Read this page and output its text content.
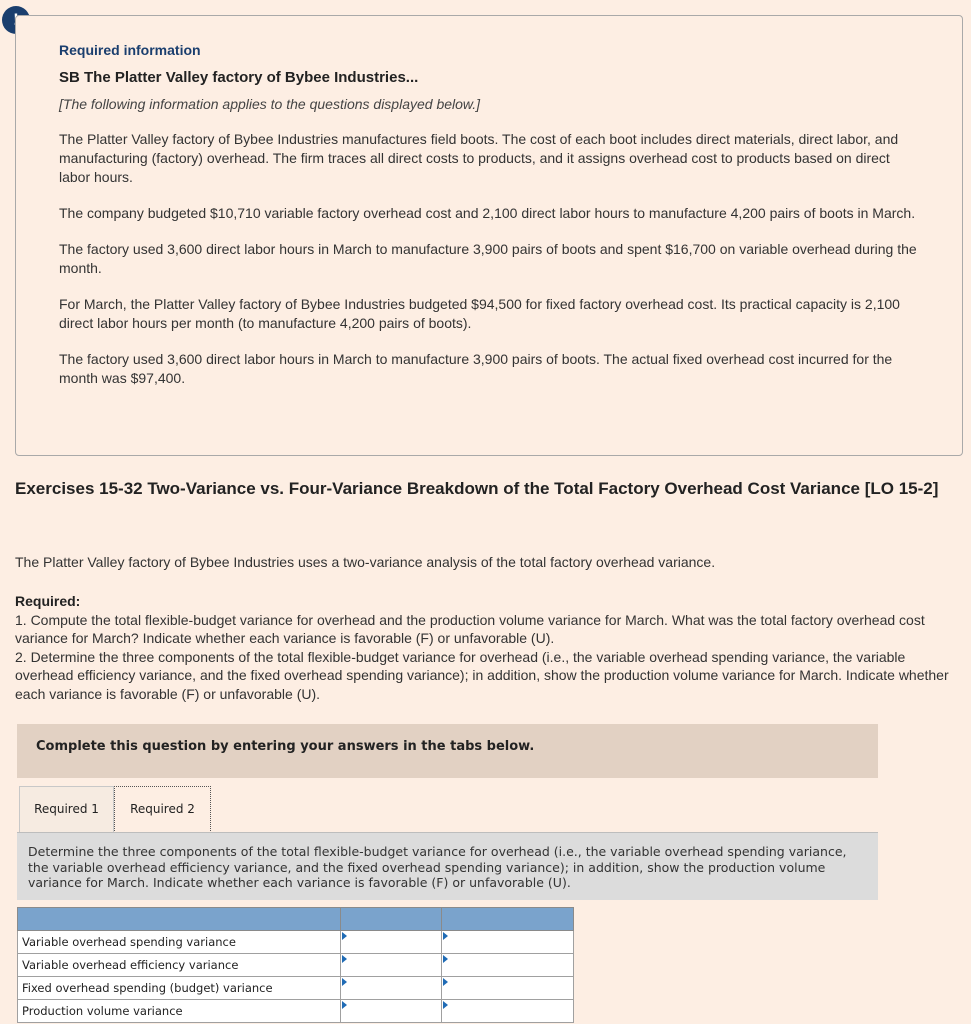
Required information

SB The Platter Valley factory of Bybee Industries...

[The following information applies to the questions displayed below.]

The Platter Valley factory of Bybee Industries manufactures field boots. The cost of each boot includes direct materials, direct labor, and manufacturing (factory) overhead. The firm traces all direct costs to products, and it assigns overhead cost to products based on direct labor hours.

The company budgeted $10,710 variable factory overhead cost and 2,100 direct labor hours to manufacture 4,200 pairs of boots in March.

The factory used 3,600 direct labor hours in March to manufacture 3,900 pairs of boots and spent $16,700 on variable overhead during the month.

For March, the Platter Valley factory of Bybee Industries budgeted $94,500 for fixed factory overhead cost. Its practical capacity is 2,100 direct labor hours per month (to manufacture 4,200 pairs of boots).

The factory used 3,600 direct labor hours in March to manufacture 3,900 pairs of boots. The actual fixed overhead cost incurred for the month was $97,400.

Exercises 15-32 Two-Variance vs. Four-Variance Breakdown of the Total Factory Overhead Cost Variance [LO 15-2]

The Platter Valley factory of Bybee Industries uses a two-variance analysis of the total factory overhead variance.

Required:
1. Compute the total flexible-budget variance for overhead and the production volume variance for March. What was the total factory overhead cost variance for March? Indicate whether each variance is favorable (F) or unfavorable (U).
2. Determine the three components of the total flexible-budget variance for overhead (i.e., the variable overhead spending variance, the variable overhead efficiency variance, and the fixed overhead spending variance); in addition, show the production volume variance for March. Indicate whether each variance is favorable (F) or unfavorable (U).
Complete this question by entering your answers in the tabs below.
Required 1	Required 2
Determine the three components of the total flexible-budget variance for overhead (i.e., the variable overhead spending variance, the variable overhead efficiency variance, and the fixed overhead spending variance); in addition, show the production volume variance for March. Indicate whether each variance is favorable (F) or unfavorable (U).

Variable overhead spending variance	

Variable overhead efficiency variance	

Fixed overhead spending (budget) variance	

Production volume variance	
